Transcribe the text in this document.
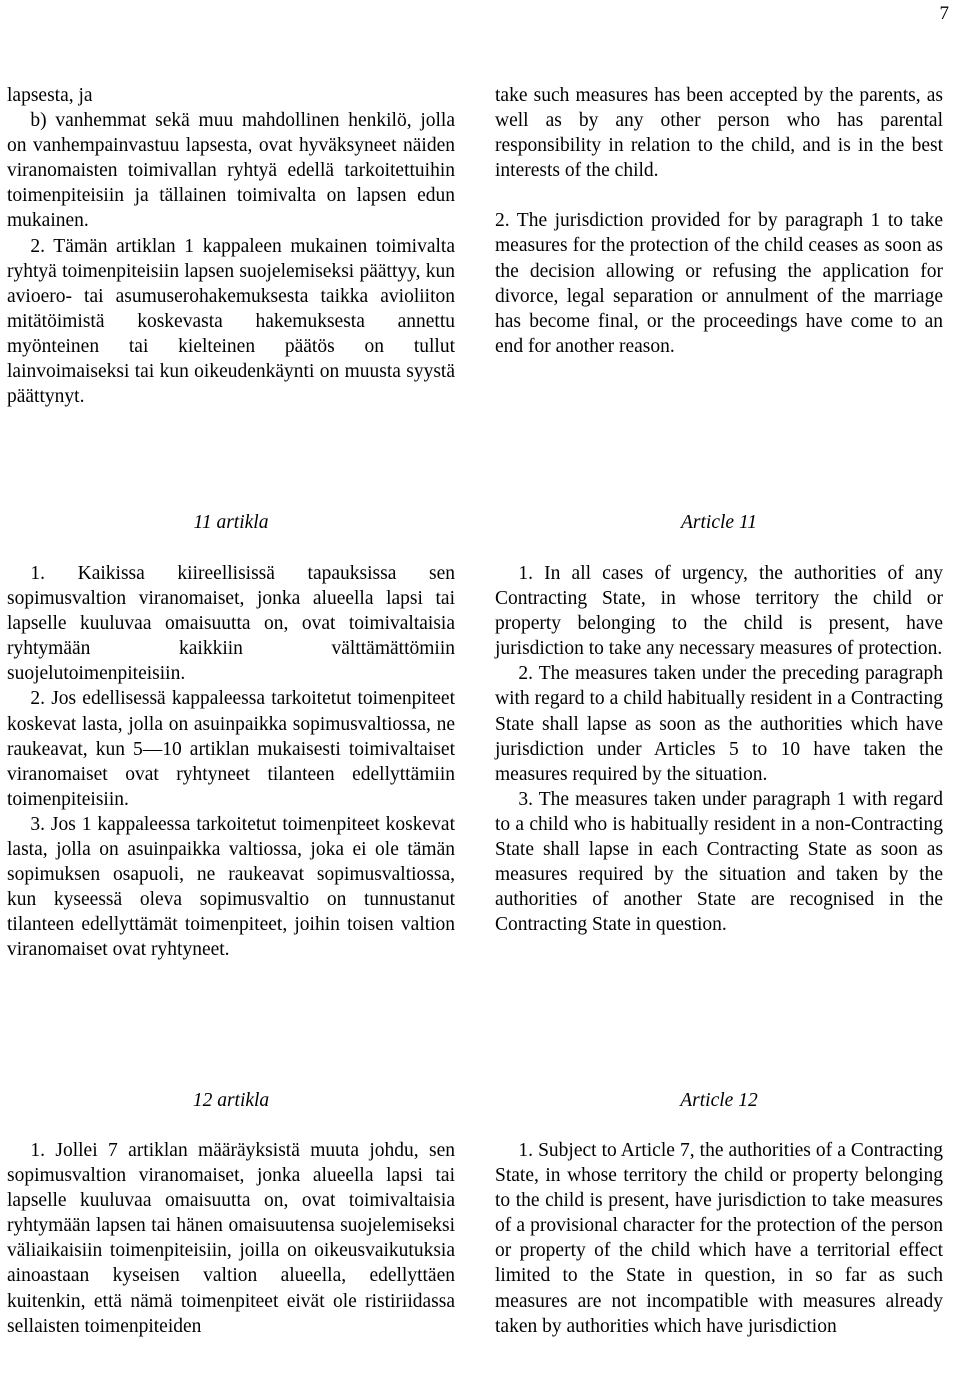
7

lapsesta, ja

b) vanhemmat sekä muu mahdollinen henkilö, jolla on vanhempainvastuu lapsesta, ovat hyväksyneet näiden viranomaisten toimivallan ryhtyä edellä tarkoitettuihin toimenpiteisiin ja tällainen toimivalta on lapsen edun mukainen.

2. Tämän artiklan 1 kappaleen mukainen toimivalta ryhtyä toimenpiteisiin lapsen suojelemiseksi päättyy, kun avioero- tai asumuserohakemuksesta taikka avioliiton mitätöimistä koskevasta hakemuksesta annettu myönteinen tai kielteinen päätös on tullut lainvoimaiseksi tai kun oikeudenkäynti on muusta syystä päättynyt.

take such measures has been accepted by the parents, as well as by any other person who has parental responsibility in relation to the child, and is in the best interests of the child.

2. The jurisdiction provided for by paragraph 1 to take measures for the protection of the child ceases as soon as the decision allowing or refusing the application for divorce, legal separation or annulment of the marriage has become final, or the proceedings have come to an end for another reason.

11 artikla	Article 11

1. Kaikissa kiireellisissä tapauksissa sen sopimusvaltion viranomaiset, jonka alueella lapsi tai lapselle kuuluvaa omaisuutta on, ovat toimivaltaisia ryhtymään kaikkiin välttämättömiin suojelutoimenpiteisiin.

2. Jos edellisessä kappaleessa tarkoitetut toimenpiteet koskevat lasta, jolla on asuinpaikka sopimusvaltiossa, ne raukeavat, kun 5—10 artiklan mukaisesti toimivaltaiset viranomaiset ovat ryhtyneet tilanteen edellyttämiin toimenpiteisiin.

3. Jos 1 kappaleessa tarkoitetut toimenpiteet koskevat lasta, jolla on asuinpaikka valtiossa, joka ei ole tämän sopimuksen osapuoli, ne raukeavat sopimusvaltiossa, kun kyseessä oleva sopimusvaltio on tunnustanut tilanteen edellyttämät toimenpiteet, joihin toisen valtion viranomaiset ovat ryhtyneet.

1. In all cases of urgency, the authorities of any Contracting State, in whose territory the child or property belonging to the child is present, have jurisdiction to take any necessary measures of protection.

2. The measures taken under the preceding paragraph with regard to a child habitually resident in a Contracting State shall lapse as soon as the authorities which have jurisdiction under Articles 5 to 10 have taken the measures required by the situation.

3. The measures taken under paragraph 1 with regard to a child who is habitually resident in a non-Contracting State shall lapse in each Contracting State as soon as measures required by the situation and taken by the authorities of another State are recognised in the Contracting State in question.

12 artikla	Article 12

1. Jollei 7 artiklan määräyksistä muuta johdu, sen sopimusvaltion viranomaiset, jonka alueella lapsi tai lapselle kuuluvaa omaisuutta on, ovat toimivaltaisia ryhtymään lapsen tai hänen omaisuutensa suojelemiseksi väliaikaisiin toimenpiteisiin, joilla on oikeusvaikutuksia ainoastaan kyseisen valtion alueella, edellyttäen kuitenkin, että nämä toimenpiteet eivät ole ristiriidassa sellaisten toimenpiteiden

1. Subject to Article 7, the authorities of a Contracting State, in whose territory the child or property belonging to the child is present, have jurisdiction to take measures of a provisional character for the protection of the person or property of the child which have a territorial effect limited to the State in question, in so far as such measures are not incompatible with measures already taken by authorities which have jurisdiction
